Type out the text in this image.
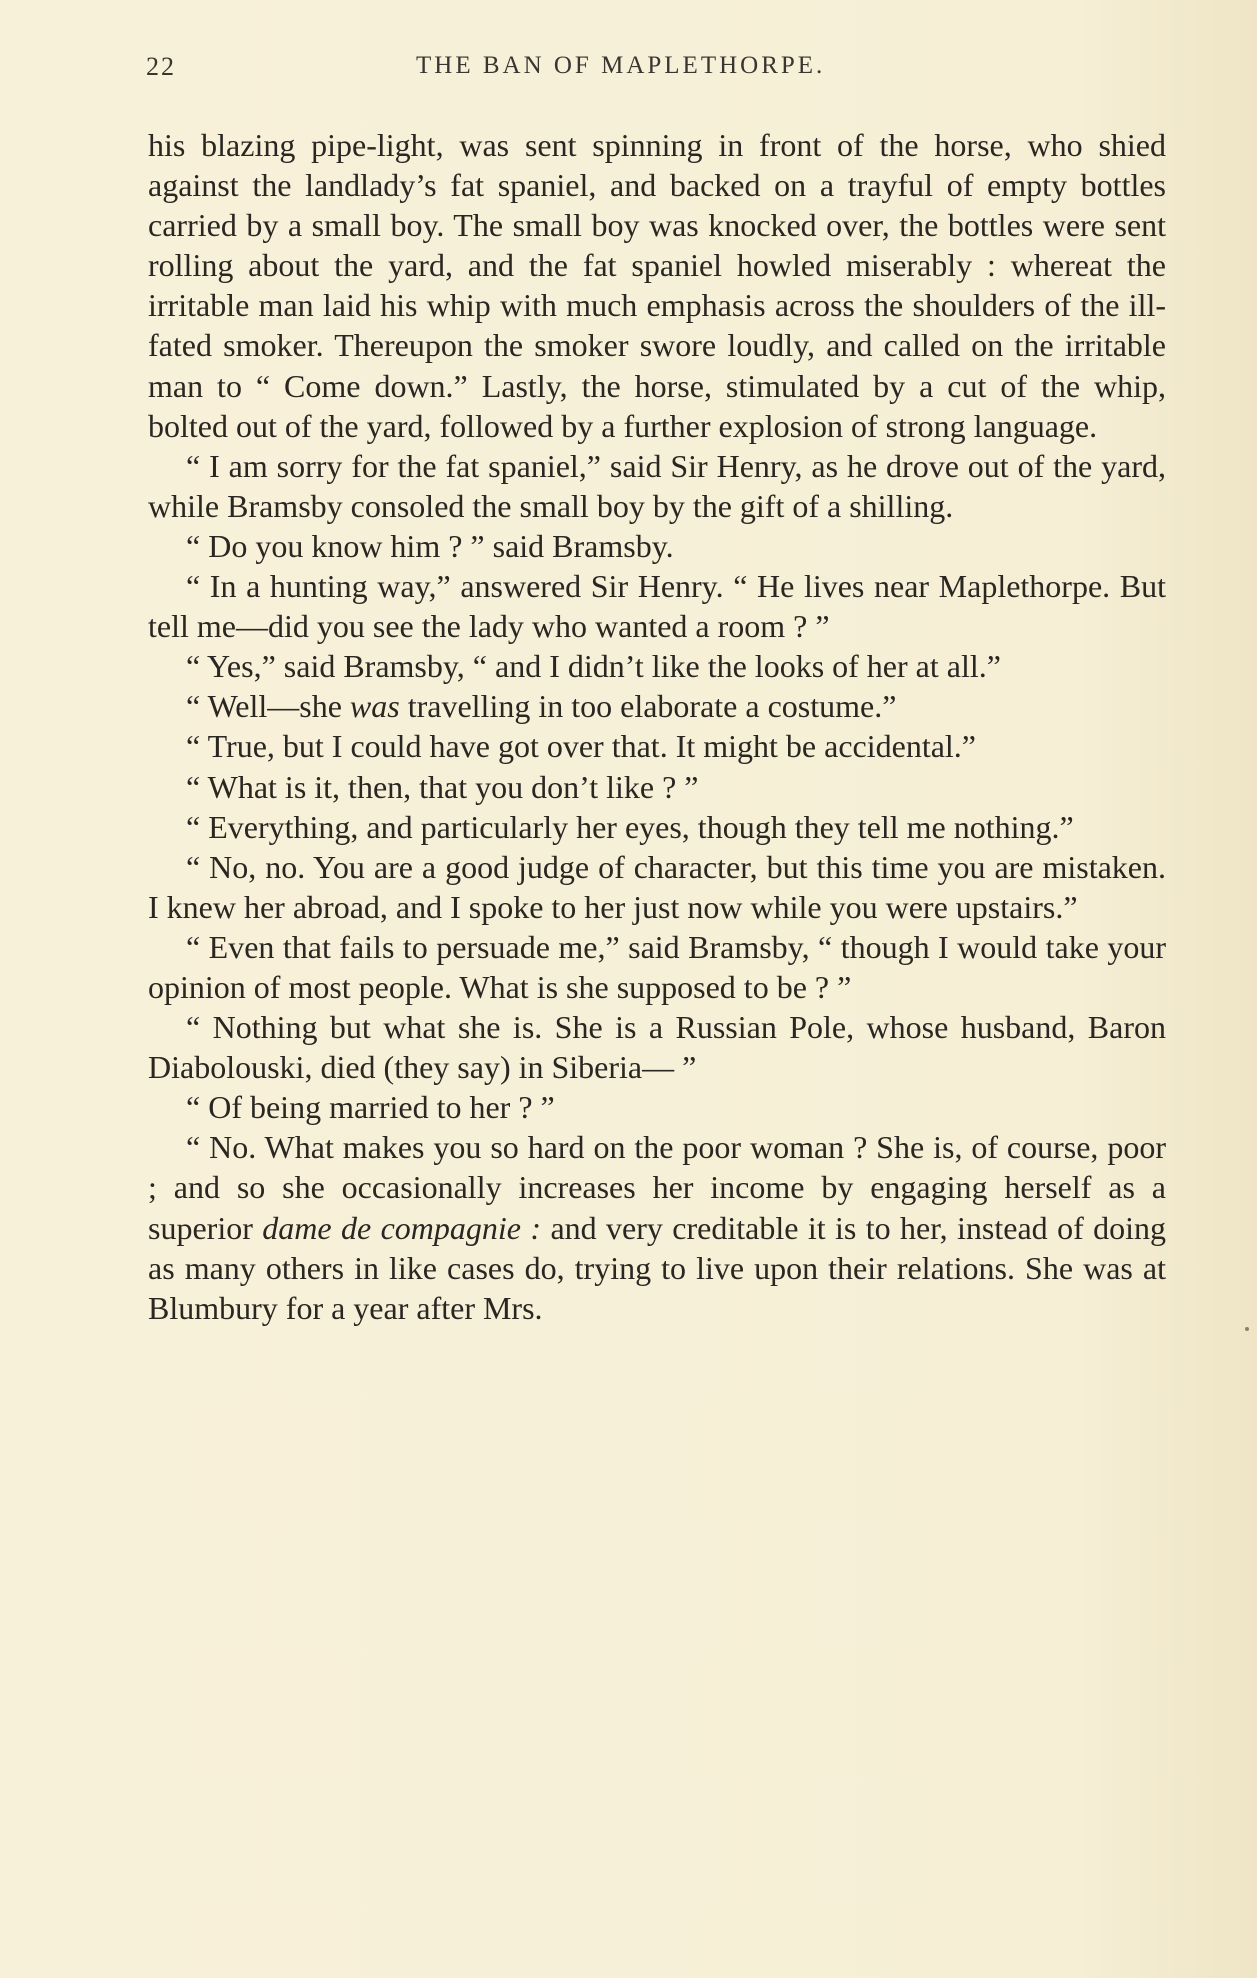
22	THE BAN OF MAPLETHORPE.

his blazing pipe-light, was sent spinning in front of the horse, who shied against the landlady’s fat spaniel, and backed on a trayful of empty bottles carried by a small boy. The small boy was knocked over, the bottles were sent rolling about the yard, and the fat spaniel howled miserably : whereat the irritable man laid his whip with much emphasis across the shoulders of the ill-fated smoker. Thereupon the smoker swore loudly, and called on the irritable man to “ Come down.” Lastly, the horse, stimulated by a cut of the whip, bolted out of the yard, followed by a further explosion of strong language.

“ I am sorry for the fat spaniel,” said Sir Henry, as he drove out of the yard, while Bramsby consoled the small boy by the gift of a shilling.

“ Do you know him ? ” said Bramsby.

“ In a hunting way,” answered Sir Henry. “ He lives near Maplethorpe. But tell me—did you see the lady who wanted a room ? ”

“ Yes,” said Bramsby, “ and I didn’t like the looks of her at all.”

“ Well—she was travelling in too elaborate a costume.”

“ True, but I could have got over that. It might be accidental.”

“ What is it, then, that you don’t like ? ”

“ Everything, and particularly her eyes, though they tell me nothing.”

“ No, no. You are a good judge of character, but this time you are mistaken. I knew her abroad, and I spoke to her just now while you were upstairs.”

“ Even that fails to persuade me,” said Bramsby, “ though I would take your opinion of most people. What is she supposed to be ? ”

“ Nothing but what she is. She is a Russian Pole, whose husband, Baron Diabolouski, died (they say) in Siberia— ”

“ Of being married to her ? ”

“ No. What makes you so hard on the poor woman ? She is, of course, poor ; and so she occasionally increases her income by engaging herself as a superior dame de compagnie : and very creditable it is to her, instead of doing as many others in like cases do, trying to live upon their relations. She was at Blumbury for a year after Mrs.
